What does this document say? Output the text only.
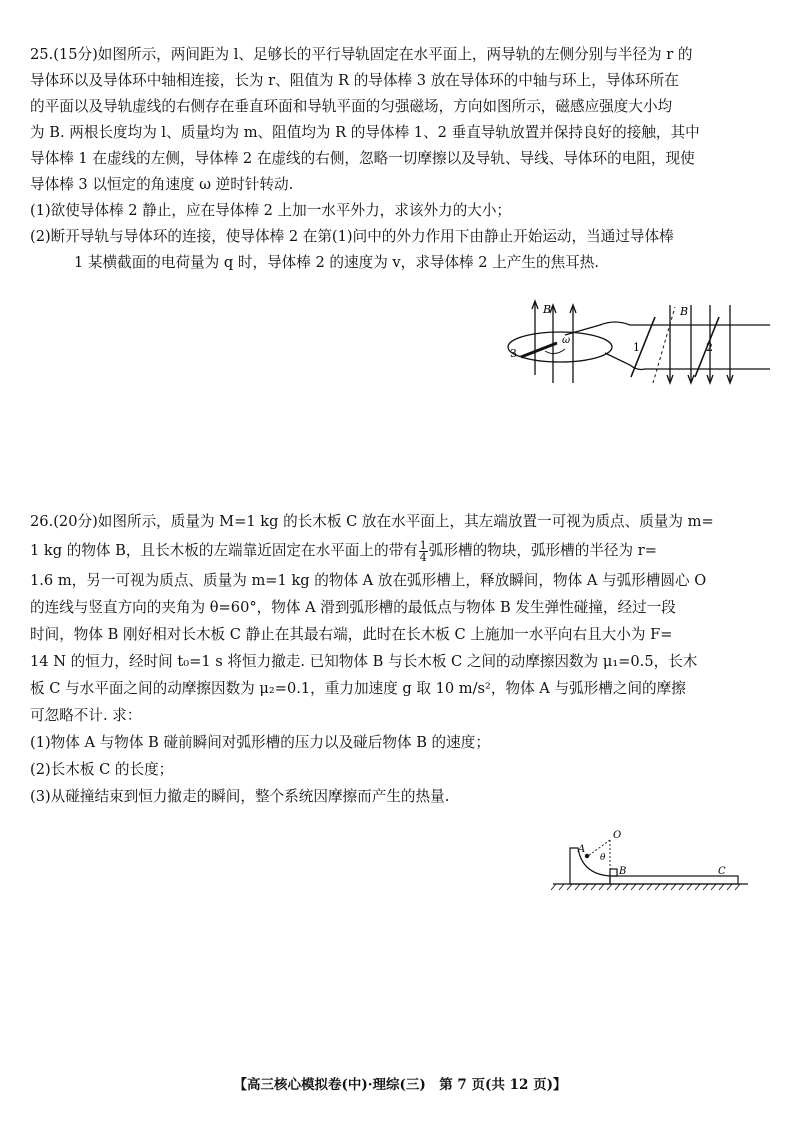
25.(15分)如图所示，两间距为 l、足够长的平行导轨固定在水平面上，两导轨的左侧分别与半径为 r 的

导体环以及导体环中轴相连接，长为 r、阻值为 R 的导体棒 3 放在导体环的中轴与环上，导体环所在

的平面以及导轨虚线的右侧存在垂直环面和导轨平面的匀强磁场，方向如图所示，磁感应强度大小均

为 B. 两根长度均为 l、质量均为 m、阻值均为 R 的导体棒 1、2 垂直导轨放置并保持良好的接触，其中

导体棒 1 在虚线的左侧，导体棒 2 在虚线的右侧，忽略一切摩擦以及导轨、导线、导体环的电阻，现使

导体棒 3 以恒定的角速度 ω 逆时针转动.

(1)欲使导体棒 2 静止，应在导体棒 2 上加一水平外力，求该外力的大小；

(2)断开导轨与导体环的连接，使导体棒 2 在第(1)问中的外力作用下由静止开始运动，当通过导体棒

1 某横截面的电荷量为 q 时，导体棒 2 的速度为 v，求导体棒 2 上产生的焦耳热.

B	B
ω
1	2
3

26.(20分)如图所示，质量为 M=1 kg 的长木板 C 放在水平面上，其左端放置一可视为质点、质量为 m=

1 kg 的物体 B，且长木板的左端靠近固定在水平面上的带有 $\frac{1}{4}$ 弧形槽的物块，弧形槽的半径为 r=

1.6 m，另一可视为质点、质量为 m=1 kg 的物体 A 放在弧形槽上，释放瞬间，物体 A 与弧形槽圆心 O

的连线与竖直方向的夹角为 θ=60°，物体 A 滑到弧形槽的最低点与物体 B 发生弹性碰撞，经过一段

时间，物体 B 刚好相对长木板 C 静止在其最右端，此时在长木板 C 上施加一水平向右且大小为 F=

14 N 的恒力，经时间 t₀=1 s 将恒力撤走. 已知物体 B 与长木板 C 之间的动摩擦因数为 μ₁=0.5，长木

板 C 与水平面之间的动摩擦因数为 μ₂=0.1，重力加速度 g 取 10 m/s²，物体 A 与弧形槽之间的摩擦

可忽略不计. 求：

(1)物体 A 与物体 B 碰前瞬间对弧形槽的压力以及碰后物体 B 的速度；

(2)长木板 C 的长度；

(3)从碰撞结束到恒力撤走的瞬间，整个系统因摩擦而产生的热量.

O
A
θ
B	C
【高三核心模拟卷(中)·理综(三)　第 7 页(共 12 页)】
